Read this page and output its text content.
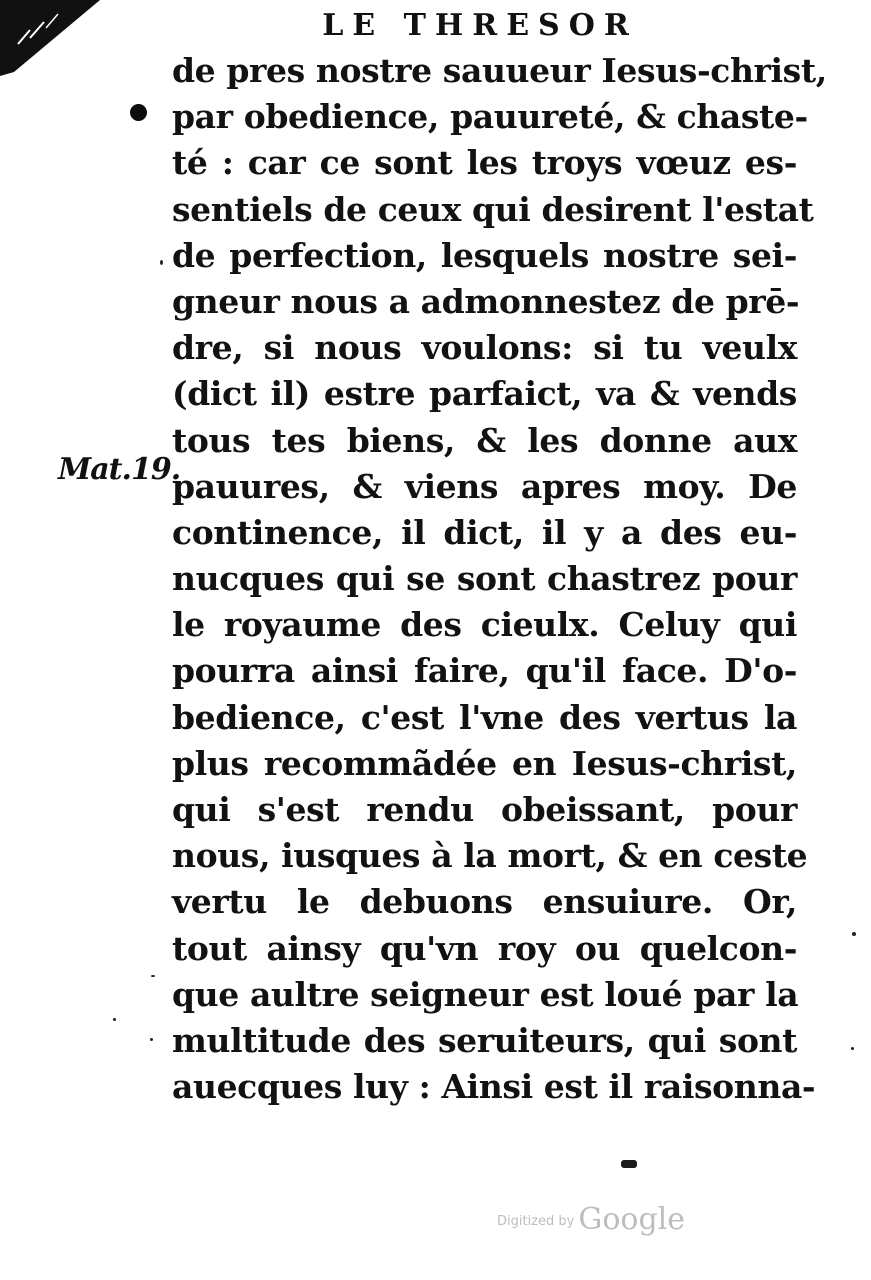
LE THRESOR
Mat.19.
de pres nostre sauueur Iesus-christ,
par obedience, pauureté, & chaste-
té : car ce sont les troys vœuz es-
sentiels de ceux qui desirent l'estat
de perfection, lesquels nostre sei-
gneur nous a admonnestez de prē-
dre, si nous voulons: si tu veulx
(dict il) estre parfaict, va & vends
tous tes biens, & les donne aux
pauures, & viens apres moy. De
continence, il dict, il y a des eu-
nucques qui se sont chastrez pour
le royaume des cieulx. Celuy qui
pourra ainsi faire, qu'il face. D'o-
bedience, c'est l'vne des vertus la
plus recommãdée en Iesus-christ,
qui s'est rendu obeissant, pour
nous, iusques à la mort, & en ceste
vertu le debuons ensuiure. Or,
tout ainsy qu'vn roy ou quelcon-
que aultre seigneur est loué par la
multitude des seruiteurs, qui sont
auecques luy : Ainsi est il raisonna-
$^{Digitized by}$ Google
